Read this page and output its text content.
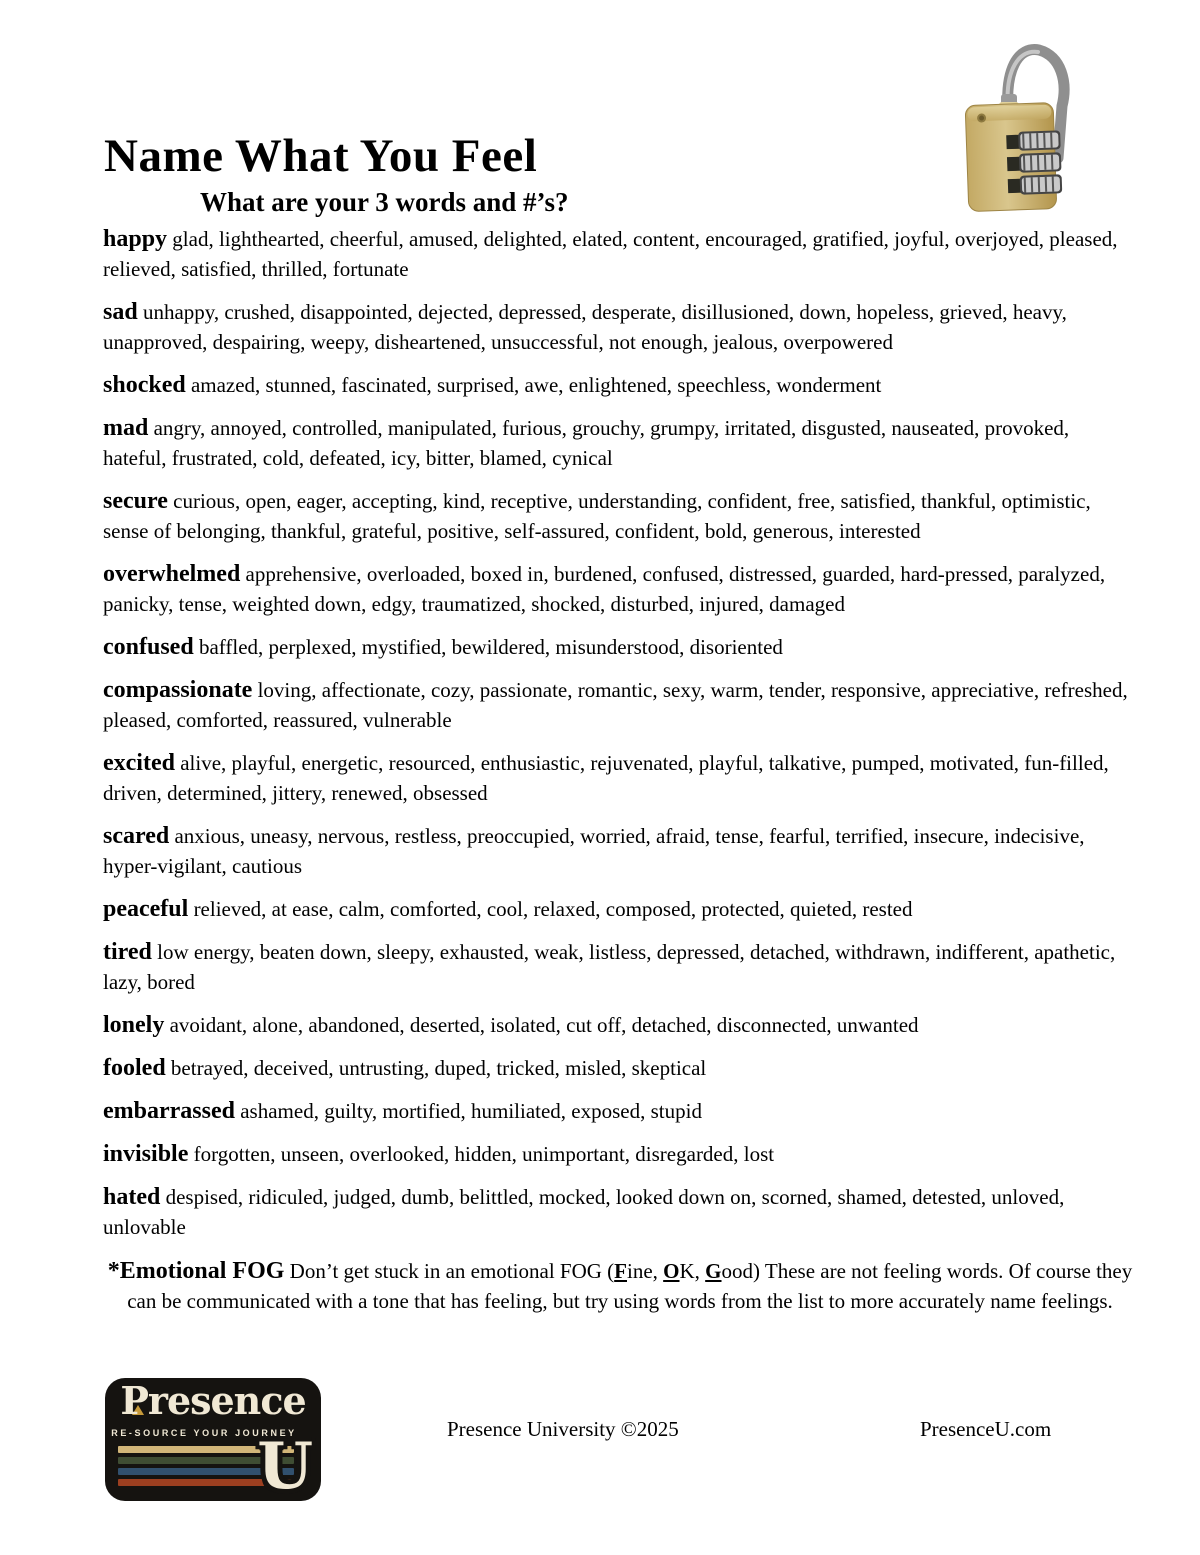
Name What You Feel
What are your 3 words and #’s?

happy glad, lighthearted, cheerful, amused, delighted, elated, content, encouraged, gratified, joyful, overjoyed, pleased, relieved, satisfied, thrilled, fortunate

sad unhappy, crushed, disappointed, dejected, depressed, desperate, disillusioned, down, hopeless, grieved, heavy, unapproved, despairing, weepy, disheartened, unsuccessful, not enough, jealous, overpowered

shocked amazed, stunned, fascinated, surprised, awe, enlightened, speechless, wonderment

mad angry, annoyed, controlled, manipulated, furious, grouchy, grumpy, irritated, disgusted, nauseated, provoked, hateful, frustrated, cold, defeated, icy, bitter, blamed, cynical

secure curious, open, eager, accepting, kind, receptive, understanding, confident, free, satisfied, thankful, optimistic, sense of belonging, thankful, grateful, positive, self-assured, confident, bold, generous, interested

overwhelmed apprehensive, overloaded, boxed in, burdened, confused, distressed, guarded, hard-pressed, paralyzed, panicky, tense, weighted down, edgy, traumatized, shocked, disturbed, injured, damaged

confused baffled, perplexed, mystified, bewildered, misunderstood, disoriented

compassionate loving, affectionate, cozy, passionate, romantic, sexy, warm, tender, responsive, appreciative, refreshed, pleased, comforted, reassured, vulnerable

excited alive, playful, energetic, resourced, enthusiastic, rejuvenated, playful, talkative, pumped, motivated, fun-filled, driven, determined, jittery, renewed, obsessed

scared anxious, uneasy, nervous, restless, preoccupied, worried, afraid, tense, fearful, terrified, insecure, indecisive, hyper-vigilant, cautious

peaceful relieved, at ease, calm, comforted, cool, relaxed, composed, protected, quieted, rested

tired low energy, beaten down, sleepy, exhausted, weak, listless, depressed, detached, withdrawn, indifferent, apathetic, lazy, bored

lonely avoidant, alone, abandoned, deserted, isolated, cut off, detached, disconnected, unwanted

fooled betrayed, deceived, untrusting, duped, tricked, misled, skeptical

embarrassed ashamed, guilty, mortified, humiliated, exposed, stupid

invisible forgotten, unseen, overlooked, hidden, unimportant, disregarded, lost

hated despised, ridiculed, judged, dumb, belittled, mocked, looked down on, scorned, shamed, detested, unloved, unlovable

*Emotional FOG Don’t get stuck in an emotional FOG (Fine, OK, Good) These are not feeling words. Of course they can be communicated with a tone that has feeling, but try using words from the list to more accurately name feelings.

Presence
RE-SOURCE YOUR JOURNEY
U	Presence University ©2025	PresenceU.com
